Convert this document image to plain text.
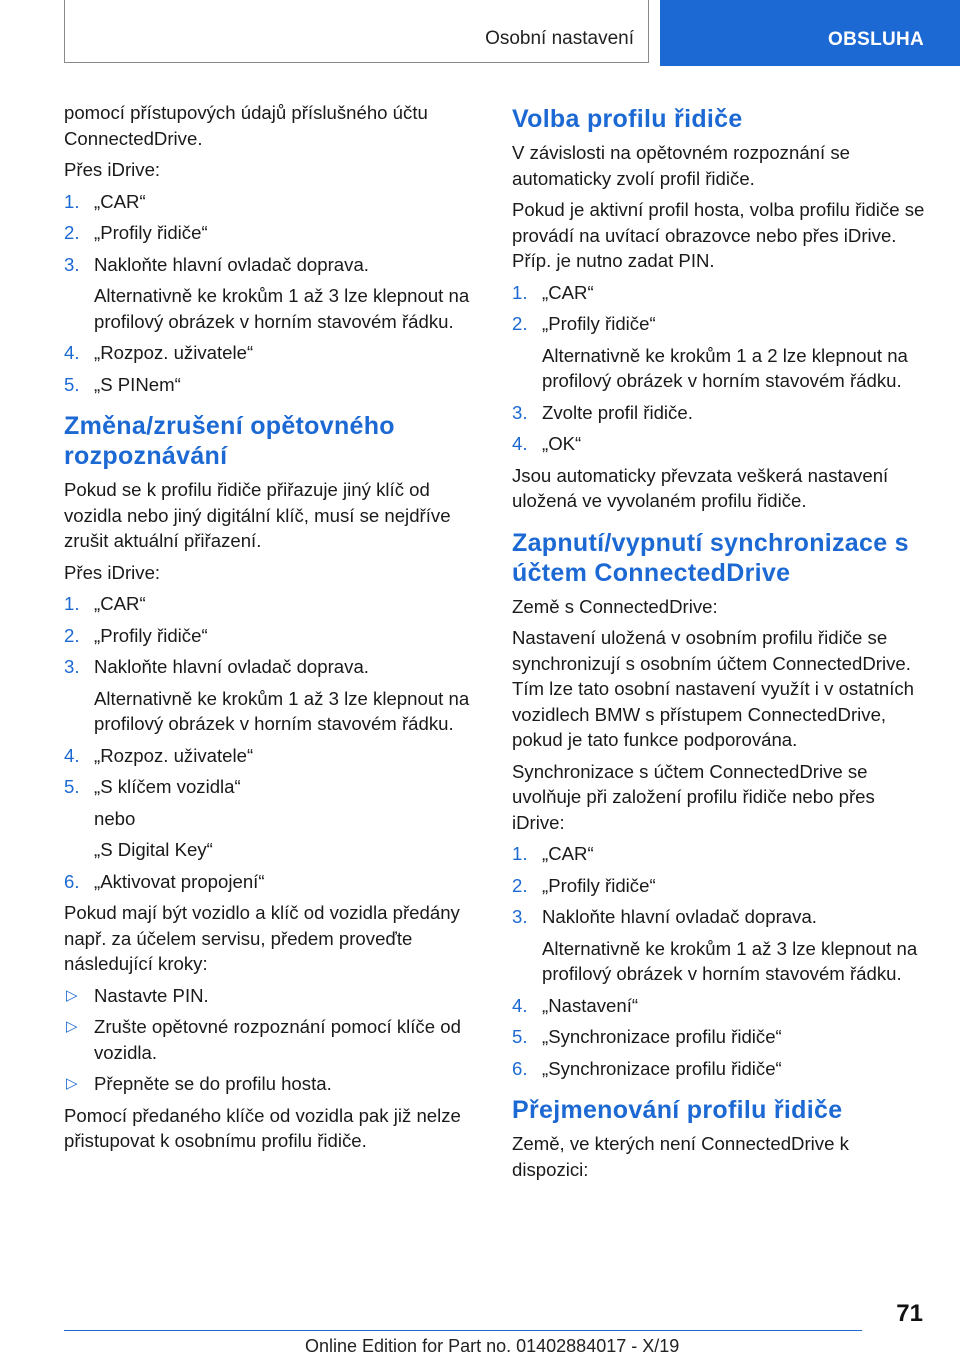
Osobní nastavení	OBSLUHA

pomocí přístupových údajů příslušného účtu ConnectedDrive.

Přes iDrive:

1. „CAR“
2. „Profily řidiče“
3. Nakloňte hlavní ovladač doprava.
Alternativně ke krokům 1 až 3 lze klepnout na profilový obrázek v horním stavovém řádku.
4. „Rozpoz. uživatele“
5. „S PINem“
Změna/zrušení opětovného rozpoznávání

Pokud se k profilu řidiče přiřazuje jiný klíč od vozidla nebo jiný digitální klíč, musí se nejdříve zrušit aktuální přiřazení.

Přes iDrive:

1. „CAR“
2. „Profily řidiče“
3. Nakloňte hlavní ovladač doprava.
Alternativně ke krokům 1 až 3 lze klepnout na profilový obrázek v horním stavovém řádku.
4. „Rozpoz. uživatele“
5. „S klíčem vozidla“
nebo
„S Digital Key“
6. „Aktivovat propojení“

Pokud mají být vozidlo a klíč od vozidla předány např. za účelem servisu, předem proveďte následující kroky:

▷ Nastavte PIN.
▷ Zrušte opětovné rozpoznání pomocí klíče od vozidla.
▷ Přepněte se do profilu hosta.

Pomocí předaného klíče od vozidla pak již nelze přistupovat k osobnímu profilu řidiče.

Volba profilu řidiče

V závislosti na opětovném rozpoznání se automaticky zvolí profil řidiče.

Pokud je aktivní profil hosta, volba profilu řidiče se provádí na uvítací obrazovce nebo přes iDrive. Příp. je nutno zadat PIN.

1. „CAR“
2. „Profily řidiče“
Alternativně ke krokům 1 a 2 lze klepnout na profilový obrázek v horním stavovém řádku.
3. Zvolte profil řidiče.
4. „OK“

Jsou automaticky převzata veškerá nastavení uložená ve vyvolaném profilu řidiče.

Zapnutí/vypnutí synchronizace s účtem ConnectedDrive

Země s ConnectedDrive:

Nastavení uložená v osobním profilu řidiče se synchronizují s osobním účtem ConnectedDrive. Tím lze tato osobní nastavení využít i v ostatních vozidlech BMW s přístupem ConnectedDrive, pokud je tato funkce podporována.

Synchronizace s účtem ConnectedDrive se uvolňuje při založení profilu řidiče nebo přes iDrive:

1. „CAR“
2. „Profily řidiče“
3. Nakloňte hlavní ovladač doprava.
Alternativně ke krokům 1 až 3 lze klepnout na profilový obrázek v horním stavovém řádku.
4. „Nastavení“
5. „Synchronizace profilu řidiče“
6. „Synchronizace profilu řidiče“
Přejmenování profilu řidiče

Země, ve kterých není ConnectedDrive k dispozici:

71
Online Edition for Part no. 01402884017 - X/19
